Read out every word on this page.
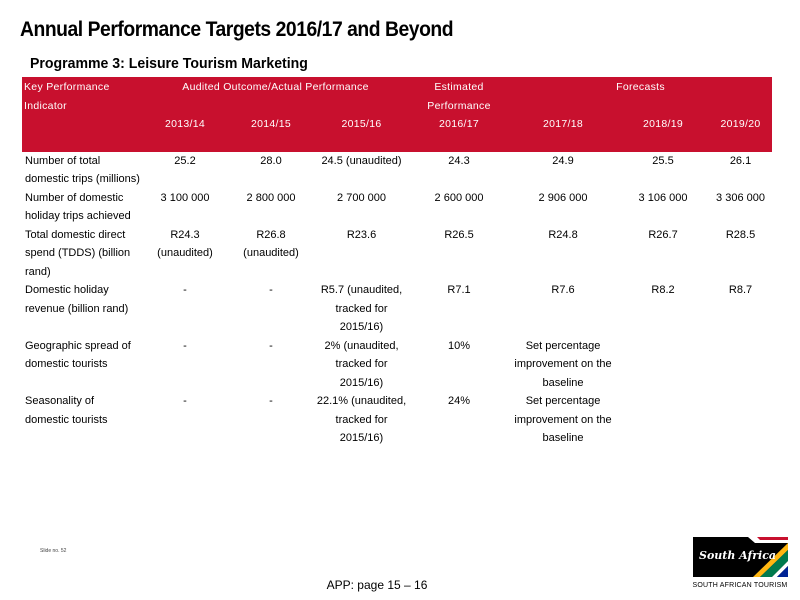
Annual Performance Targets 2016/17 and Beyond
Programme 3: Leisure Tourism Marketing
Key Performance Indicator	Audited Outcome/Actual Performance			Estimated Performance	Forecasts		
	2013/14	2014/15	2015/16	2016/17	2017/18	2018/19	2019/20
Number of total domestic trips (millions)	25.2	28.0	24.5 (unaudited)	24.3	24.9	25.5	26.1
Number of domestic holiday trips achieved	3 100 000	2 800 000	2 700 000	2 600 000	2 906 000	3 106 000	3 306 000
Total domestic direct spend (TDDS) (billion rand)	R24.3 (unaudited)	R26.8 (unaudited)	R23.6	R26.5	R24.8	R26.7	R28.5
Domestic holiday revenue (billion rand)	-	-	R5.7 (unaudited, tracked for 2015/16)	R7.1	R7.6	R8.2	R8.7
Geographic spread of domestic tourists	-	-	2% (unaudited, tracked for 2015/16)	10%	Set percentage improvement on the baseline		
Seasonality of domestic tourists	-	-	22.1% (unaudited, tracked for 2015/16)	24%	Set percentage improvement on the baseline		
Slide no. 52
APP: page 15 – 16
South Africa
SOUTH AFRICAN TOURISM
